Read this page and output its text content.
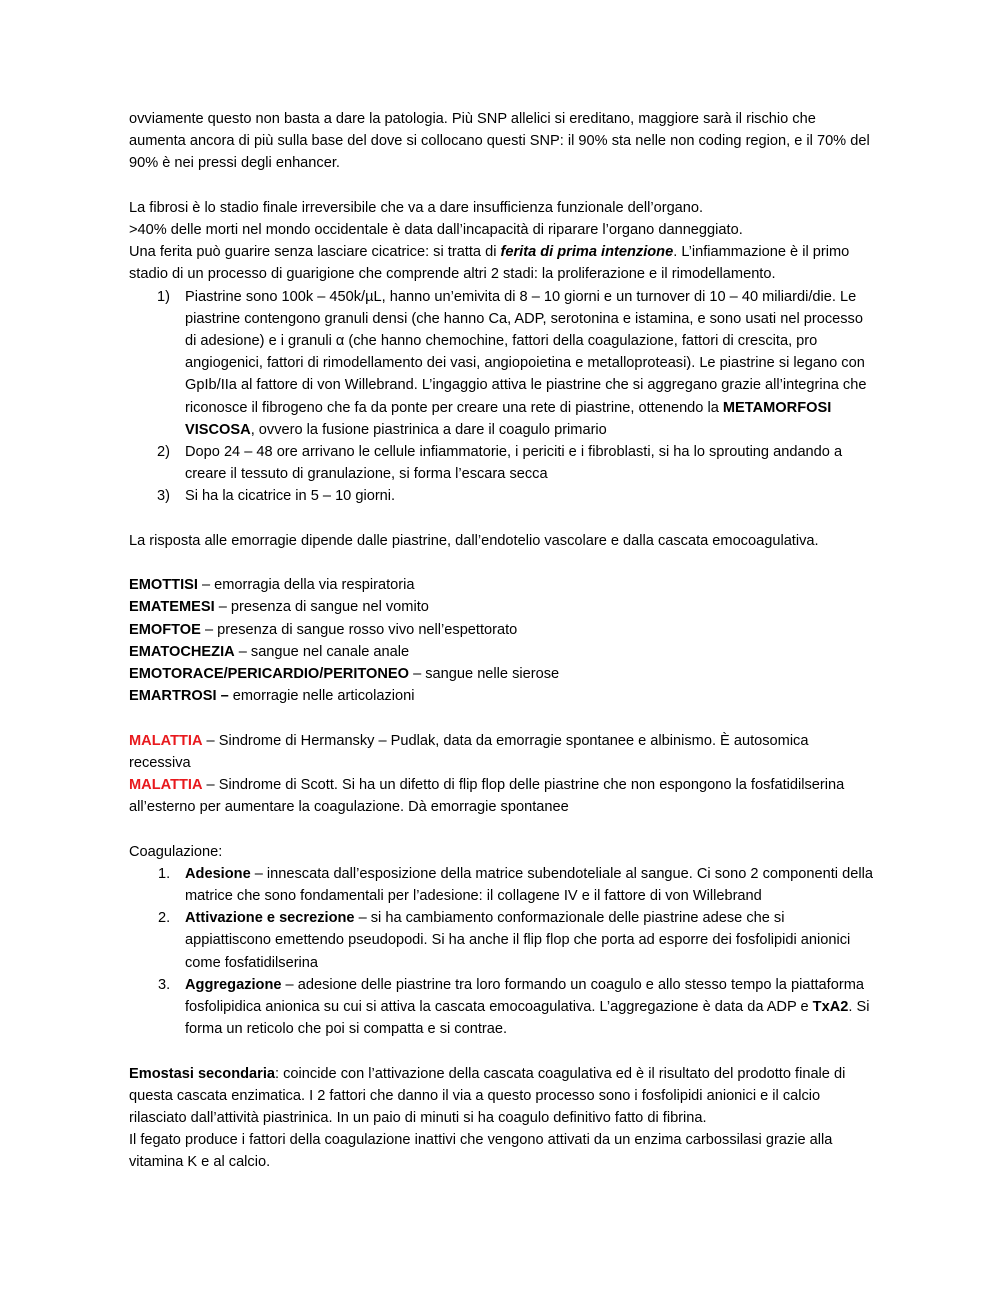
ovviamente questo non basta a dare la patologia. Più SNP allelici si ereditano, maggiore sarà il rischio che aumenta ancora di più sulla base del dove si collocano questi SNP: il 90% sta nelle non coding region, e il 70% del 90% è nei pressi degli enhancer.

La fibrosi è lo stadio finale irreversibile che va a dare insufficienza funzionale dell’organo.

>40% delle morti nel mondo occidentale è data dall’incapacità di riparare l’organo danneggiato.

Una ferita può guarire senza lasciare cicatrice: si tratta di ferita di prima intenzione. L’infiammazione è il primo stadio di un processo di guarigione che comprende altri 2 stadi: la proliferazione e il rimodellamento.

1) Piastrine sono 100k – 450k/µL, hanno un’emivita di 8 – 10 giorni e un turnover di 10 – 40 miliardi/die. Le piastrine contengono granuli densi (che hanno Ca, ADP, serotonina e istamina, e sono usati nel processo di adesione) e i granuli α (che hanno chemochine, fattori della coagulazione, fattori di crescita, pro angiogenici, fattori di rimodellamento dei vasi, angiopoietina e metalloproteasi). Le piastrine si legano con GpIb/IIa al fattore di von Willebrand. L’ingaggio attiva le piastrine che si aggregano grazie all’integrina che riconosce il fibrogeno che fa da ponte per creare una rete di piastrine, ottenendo la METAMORFOSI VISCOSA, ovvero la fusione piastrinica a dare il coagulo primario
2) Dopo 24 – 48 ore arrivano le cellule infiammatorie, i periciti e i fibroblasti, si ha lo sprouting andando a creare il tessuto di granulazione, si forma l’escara secca
3) Si ha la cicatrice in 5 – 10 giorni.

La risposta alle emorragie dipende dalle piastrine, dall’endotelio vascolare e dalla cascata emocoagulativa.

EMOTTISI – emorragia della via respiratoria

EMATEMESI – presenza di sangue nel vomito

EMOFTOE – presenza di sangue rosso vivo nell’espettorato

EMATOCHEZIA – sangue nel canale anale

EMOTORACE/PERICARDIO/PERITONEO – sangue nelle sierose

EMARTROSI – emorragie nelle articolazioni

MALATTIA – Sindrome di Hermansky – Pudlak, data da emorragie spontanee e albinismo. È autosomica recessiva

MALATTIA – Sindrome di Scott. Si ha un difetto di flip flop delle piastrine che non espongono la fosfatidilserina all’esterno per aumentare la coagulazione. Dà emorragie spontanee

Coagulazione:

1. Adesione – innescata dall’esposizione della matrice subendoteliale al sangue. Ci sono 2 componenti della matrice che sono fondamentali per l’adesione: il collagene IV e il fattore di von Willebrand
2. Attivazione e secrezione – si ha cambiamento conformazionale delle piastrine adese che si appiattiscono emettendo pseudopodi. Si ha anche il flip flop che porta ad esporre dei fosfolipidi anionici come fosfatidilserina
3. Aggregazione – adesione delle piastrine tra loro formando un coagulo e allo stesso tempo la piattaforma fosfolipidica anionica su cui si attiva la cascata emocoagulativa. L’aggregazione è data da ADP e TxA2. Si forma un reticolo che poi si compatta e si contrae.

Emostasi secondaria: coincide con l’attivazione della cascata coagulativa ed è il risultato del prodotto finale di questa cascata enzimatica. I 2 fattori che danno il via a questo processo sono i fosfolipidi anionici e il calcio rilasciato dall’attività piastrinica. In un paio di minuti si ha coagulo definitivo fatto di fibrina.

Il fegato produce i fattori della coagulazione inattivi che vengono attivati da un enzima carbossilasi grazie alla vitamina K e al calcio.
